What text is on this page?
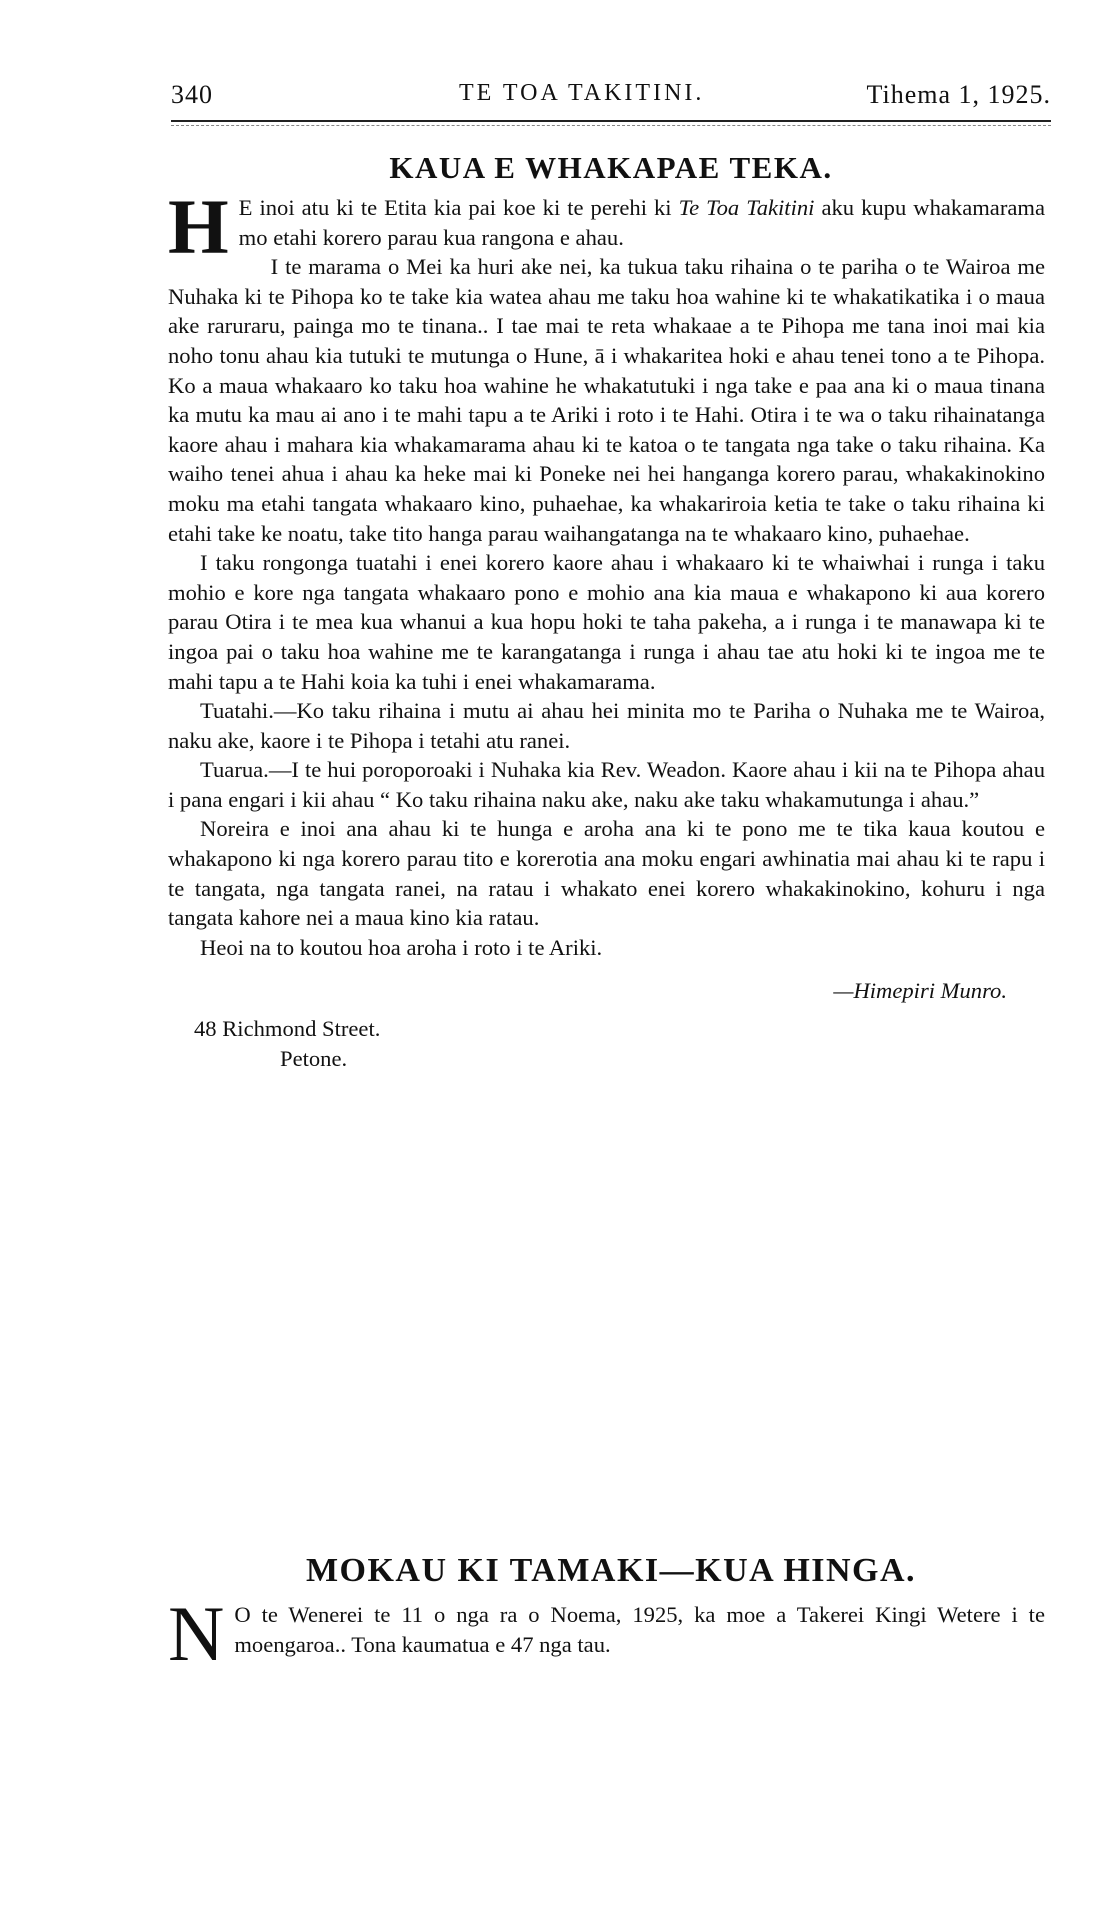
340	TE TOA TAKITINI.	Tihema 1, 1925.
KAUA E WHAKAPAE TEKA.

H E inoi atu ki te Etita kia pai koe ki te perehi ki Te Toa Takitini aku kupu whakamarama mo etahi korero parau kua rangona e ahau.

I te marama o Mei ka huri ake nei, ka tukua taku rihaina o te pariha o te Wairoa me Nuhaka ki te Pihopa ko te take kia watea ahau me taku hoa wahine ki te whakatikatika i o maua ake raruraru, painga mo te tinana.. I tae mai te reta whakaae a te Pihopa me tana inoi mai kia noho tonu ahau kia tutuki te mutunga o Hune, ā i whakaritea hoki e ahau tenei tono a te Pihopa. Ko a maua whakaaro ko taku hoa wahine he whakatutuki i nga take e paa ana ki o maua tinana ka mutu ka mau ai ano i te mahi tapu a te Ariki i roto i te Hahi. Otira i te wa o taku rihainatanga kaore ahau i mahara kia whakamarama ahau ki te katoa o te tangata nga take o taku rihaina. Ka waiho tenei ahua i ahau ka heke mai ki Poneke nei hei hanganga korero parau, whakakinokino moku ma etahi tangata whakaaro kino, puhaehae, ka whakariroia ketia te take o taku rihaina ki etahi take ke noatu, take tito hanga parau waihangatanga na te whakaaro kino, puhaehae.

I taku rongonga tuatahi i enei korero kaore ahau i whakaaro ki te whaiwhai i runga i taku mohio e kore nga tangata whakaaro pono e mohio ana kia maua e whakapono ki aua korero parau Otira i te mea kua whanui a kua hopu hoki te taha pakeha, a i runga i te manawapa ki te ingoa pai o taku hoa wahine me te karangatanga i runga i ahau tae atu hoki ki te ingoa me te mahi tapu a te Hahi koia ka tuhi i enei whakamarama.

Tuatahi.—Ko taku rihaina i mutu ai ahau hei minita mo te Pariha o Nuhaka me te Wairoa, naku ake, kaore i te Pihopa i tetahi atu ranei.

Tuarua.—I te hui poroporoaki i Nuhaka kia Rev. Weadon. Kaore ahau i kii na te Pihopa ahau i pana engari i kii ahau “ Ko taku rihaina naku ake, naku ake taku whakamutunga i ahau.”

Noreira e inoi ana ahau ki te hunga e aroha ana ki te pono me te tika kaua koutou e whakapono ki nga korero parau tito e korerotia ana moku engari awhinatia mai ahau ki te rapu i te tangata, nga tangata ranei, na ratau i whakato enei korero whakakinokino, kohuru i nga tangata kahore nei a maua kino kia ratau.

Heoi na to koutou hoa aroha i roto i te Ariki.

—Himepiri Munro.

48 Richmond Street.

Petone.

MOKAU KI TAMAKI—KUA HINGA.

N O te Wenerei te 11 o nga ra o Noema, 1925, ka moe a Takerei Kingi Wetere i te moengaroa.. Tona kaumatua e 47 nga tau.
